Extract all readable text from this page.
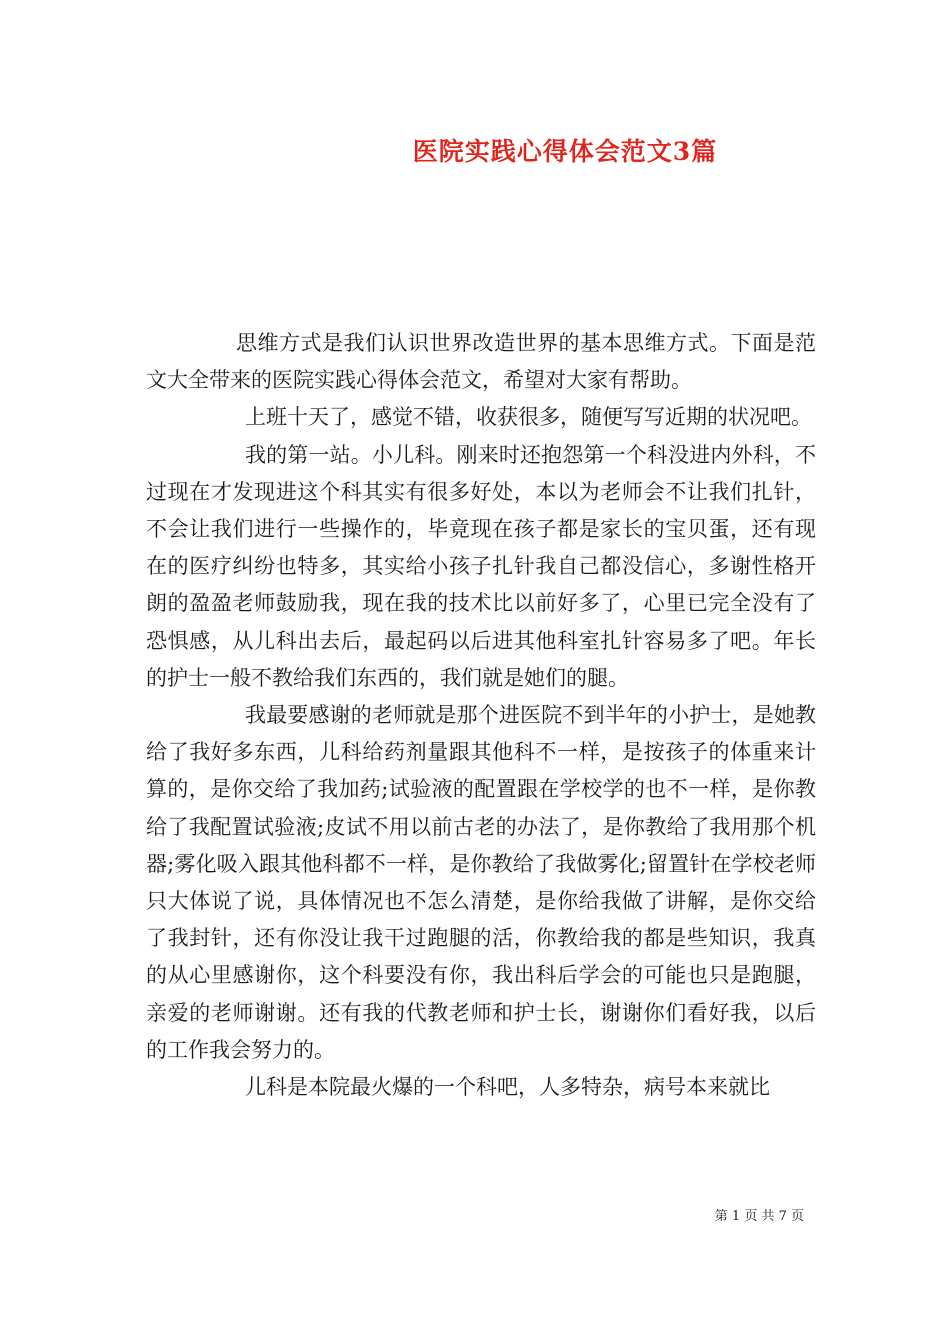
医院实践心得体会范文3篇

思维方式是我们认识世界改造世界的基本思维方式。下面是范文大全带来的医院实践心得体会范文，希望对大家有帮助。

上班十天了，感觉不错，收获很多，随便写写近期的状况吧。

我的第一站。小儿科。刚来时还抱怨第一个科没进内外科，不过现在才发现进这个科其实有很多好处，本以为老师会不让我们扎针，不会让我们进行一些操作的，毕竟现在孩子都是家长的宝贝蛋，还有现在的医疗纠纷也特多，其实给小孩子扎针我自己都没信心，多谢性格开朗的盈盈老师鼓励我，现在我的技术比以前好多了，心里已完全没有了恐惧感，从儿科出去后，最起码以后进其他科室扎针容易多了吧。年长的护士一般不教给我们东西的，我们就是她们的腿。

我最要感谢的老师就是那个进医院不到半年的小护士，是她教给了我好多东西，儿科给药剂量跟其他科不一样，是按孩子的体重来计算的，是你交给了我加药;试验液的配置跟在学校学的也不一样，是你教给了我配置试验液;皮试不用以前古老的办法了，是你教给了我用那个机器;雾化吸入跟其他科都不一样，是你教给了我做雾化;留置针在学校老师只大体说了说，具体情况也不怎么清楚，是你给我做了讲解，是你交给了我封针，还有你没让我干过跑腿的活，你教给我的都是些知识，我真的从心里感谢你，这个科要没有你，我出科后学会的可能也只是跑腿，亲爱的老师谢谢。还有我的代教老师和护士长，谢谢你们看好我，以后的工作我会努力的。

儿科是本院最火爆的一个科吧，人多特杂，病号本来就比

第 1 页 共 7 页
